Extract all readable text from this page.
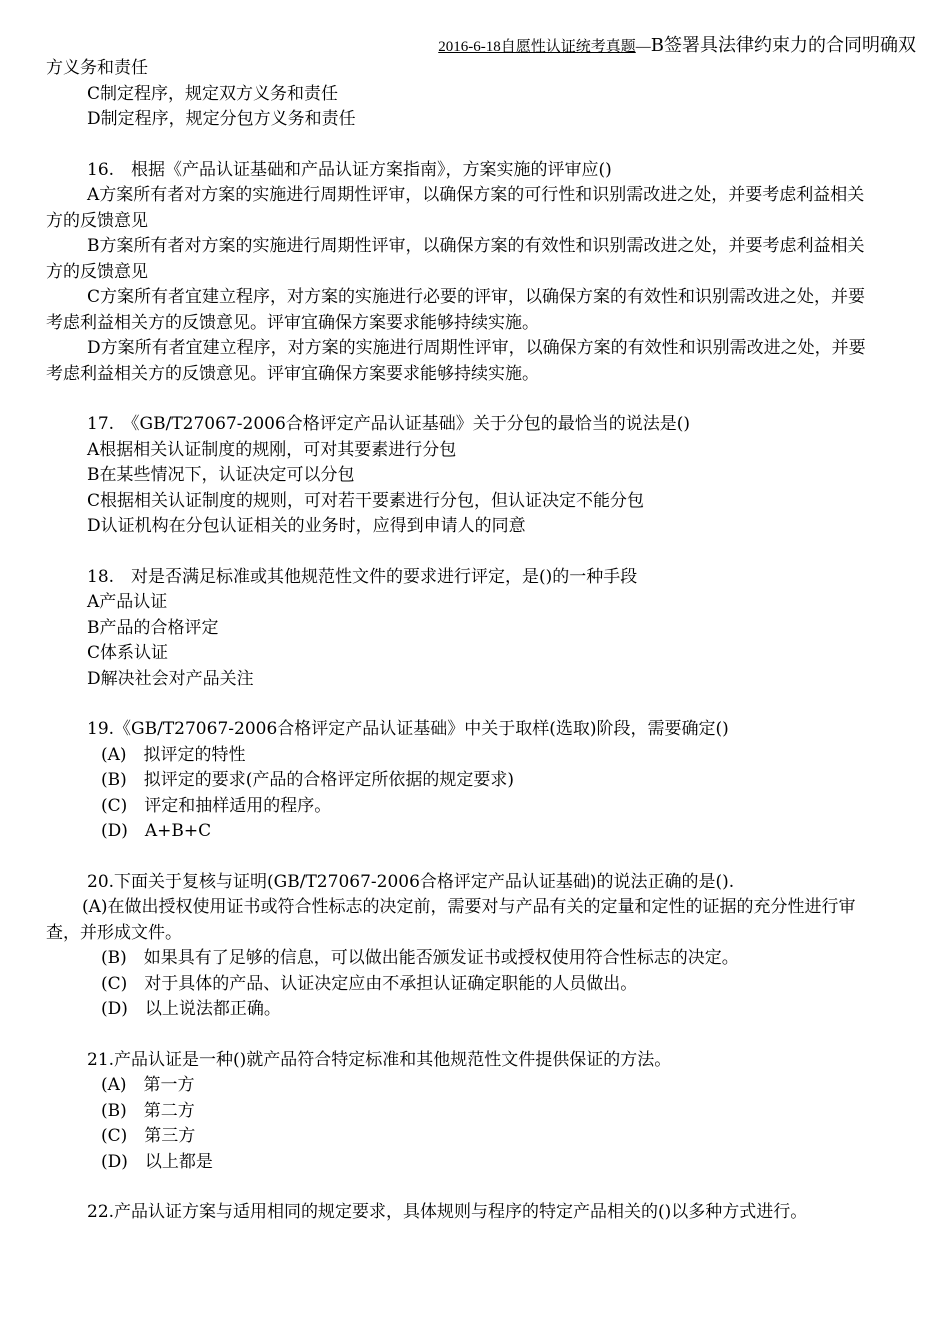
2016-6-18自愿性认证统考真题—B签署具法律约束力的合同明确双
方义务和责任
C制定程序，规定双方义务和责任
D制定程序，规定分包方义务和责任
16.　根据《产品认证基础和产品认证方案指南》，方案实施的评审应()
A方案所有者对方案的实施进行周期性评审，以确保方案的可行性和识别需改进之处，并要考虑利益相关方的反馈意见
B方案所有者对方案的实施进行周期性评审，以确保方案的有效性和识别需改进之处，并要考虑利益相关方的反馈意见
C方案所有者宜建立程序，对方案的实施进行必要的评审，以确保方案的有效性和识别需改进之处，并要考虑利益相关方的反馈意见。评审宜确保方案要求能够持续实施。
D方案所有者宜建立程序，对方案的实施进行周期性评审，以确保方案的有效性和识别需改进之处，并要考虑利益相关方的反馈意见。评审宜确保方案要求能够持续实施。
17.　《GB/T27067-2006合格评定产品认证基础》关于分包的最恰当的说法是()
A根据相关认证制度的规刚，可对其要素进行分包
B在某些情况下，认证决定可以分包
C根据相关认证制度的规则，可对若干要素进行分包，但认证决定不能分包
D认证机构在分包认证相关的业务时，应得到申请人的同意
18.　对是否满足标准或其他规范性文件的要求进行评定，是()的一种手段
A产品认证
B产品的合格评定
C体系认证
D解决社会对产品关注
19.《GB/T27067-2006合格评定产品认证基础》中关于取样(选取)阶段，需要确定()
(A)　拟评定的特性
(B)　拟评定的要求(产品的合格评定所依据的规定要求)
(C)　评定和抽样适用的程序。
(D)　A+B+C
20.下面关于复核与证明(GB/T27067-2006合格评定产品认证基础)的说法正确的是().
(A)在做出授权使用证书或符合性标志的决定前，需要对与产品有关的定量和定性的证据的充分性进行审查，并形成文件。
(B)　如果具有了足够的信息，可以做出能否颁发证书或授权使用符合性标志的决定。
(C)　对于具体的产品、认证决定应由不承担认证确定职能的人员做出。
(D)　以上说法都正确。
21.产品认证是一种()就产品符合特定标准和其他规范性文件提供保证的方法。
(A)　第一方
(B)　第二方
(C)　第三方
(D)　以上都是
22.产品认证方案与适用相同的规定要求，具体规则与程序的特定产品相关的()以多种方式进行。
